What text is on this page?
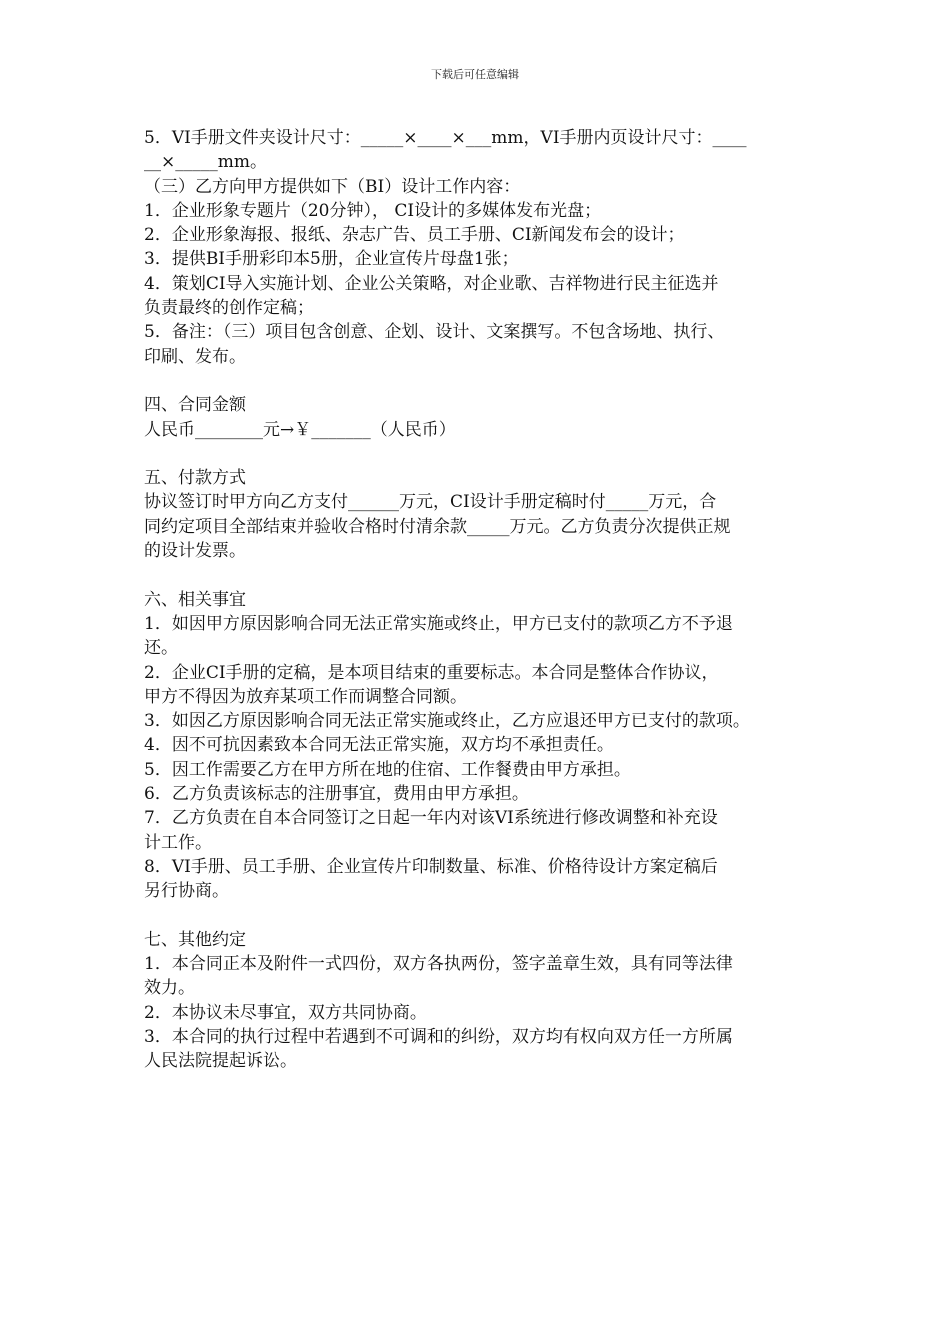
下载后可任意编辑
5．VI手册文件夹设计尺寸：_____×____×___mm，VI手册内页设计尺寸：____
__×_____mm。
（三）乙方向甲方提供如下（BI）设计工作内容：
1．企业形象专题片（20分钟）， CI设计的多媒体发布光盘；
2．企业形象海报、报纸、杂志广告、员工手册、CI新闻发布会的设计；
3．提供BI手册彩印本5册，企业宣传片母盘1张；
4．策划CI导入实施计划、企业公关策略，对企业歌、吉祥物进行民主征选并
负责最终的创作定稿；
5．备注：（三）项目包含创意、企划、设计、文案撰写。不包含场地、执行、
印刷、发布。
四、合同金额
人民币________元→￥_______（人民币）
五、付款方式
协议签订时甲方向乙方支付______万元，CI设计手册定稿时付_____万元，合
同约定项目全部结束并验收合格时付清余款_____万元。乙方负责分次提供正规
的设计发票。
六、相关事宜
1．如因甲方原因影响合同无法正常实施或终止，甲方已支付的款项乙方不予退
还。
2．企业CI手册的定稿，是本项目结束的重要标志。本合同是整体合作协议，
甲方不得因为放弃某项工作而调整合同额。
3．如因乙方原因影响合同无法正常实施或终止，乙方应退还甲方已支付的款项。
4．因不可抗因素致本合同无法正常实施，双方均不承担责任。
5．因工作需要乙方在甲方所在地的住宿、工作餐费由甲方承担。
6．乙方负责该标志的注册事宜，费用由甲方承担。
7．乙方负责在自本合同签订之日起一年内对该VI系统进行修改调整和补充设
计工作。
8．VI手册、员工手册、企业宣传片印制数量、标准、价格待设计方案定稿后
另行协商。
七、其他约定
1．本合同正本及附件一式四份，双方各执两份，签字盖章生效，具有同等法律
效力。
2．本协议未尽事宜，双方共同协商。
3．本合同的执行过程中若遇到不可调和的纠纷，双方均有权向双方任一方所属
人民法院提起诉讼。
